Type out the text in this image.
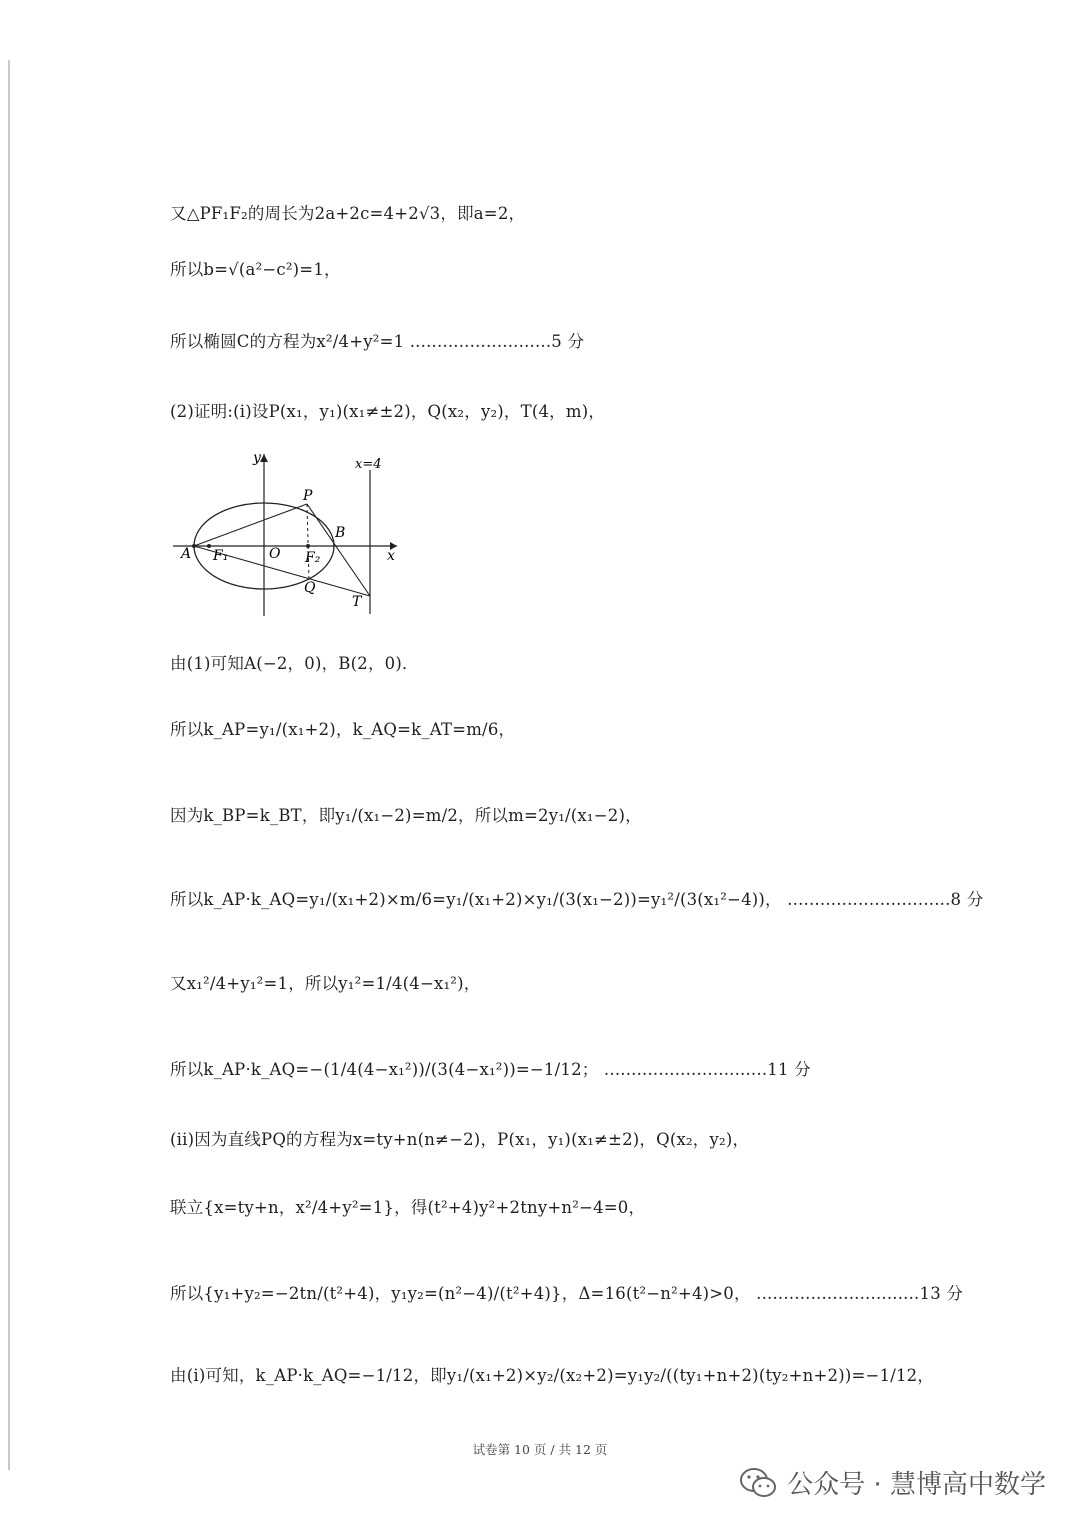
又△PF₁F₂的周长为2a+2c=4+2√3，即a=2，
所以b=√(a²−c²)=1，
所以椭圆C的方程为x²/4+y²=1 ..........................5 分
(2)证明:(i)设P(x₁，y₁)(x₁≠±2)，Q(x₂，y₂)，T(4，m)，
y
x
x=4
A F₁	O F₂
P
B
Q
T
由(1)可知A(−2，0)，B(2，0)．
所以k_AP=y₁/(x₁+2)，k_AQ=k_AT=m/6，
因为k_BP=k_BT，即y₁/(x₁−2)=m/2，所以m=2y₁/(x₁−2)，
所以k_AP·k_AQ=y₁/(x₁+2)×m/6=y₁/(x₁+2)×y₁/(3(x₁−2))=y₁²/(3(x₁²−4))， ..............................8 分
又x₁²/4+y₁²=1，所以y₁²=1/4(4−x₁²)，
所以k_AP·k_AQ=−(1/4(4−x₁²))/(3(4−x₁²))=−1/12； ..............................11 分
(ii)因为直线PQ的方程为x=ty+n(n≠−2)，P(x₁，y₁)(x₁≠±2)，Q(x₂，y₂)，
联立{x=ty+n，x²/4+y²=1}，得(t²+4)y²+2tny+n²−4=0，
所以{y₁+y₂=−2tn/(t²+4)，y₁y₂=(n²−4)/(t²+4)}，Δ=16(t²−n²+4)>0， ..............................13 分
由(i)可知，k_AP·k_AQ=−1/12，即y₁/(x₁+2)×y₂/(x₂+2)=y₁y₂/((ty₁+n+2)(ty₂+n+2))=−1/12，
试卷第 10 页 / 共 12 页
公众号 · 慧博高中数学
